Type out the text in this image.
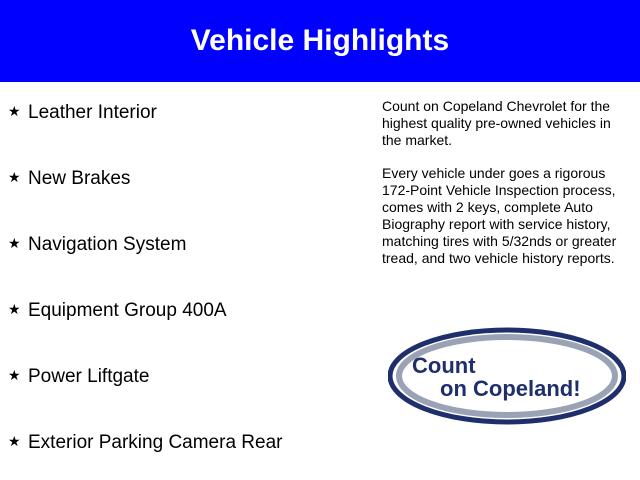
Vehicle Highlights
★ Leather Interior
★ New Brakes
★ Navigation System
★ Equipment Group 400A
★ Power Liftgate
★ Exterior Parking Camera Rear

Count on Copeland Chevrolet for the highest quality pre-owned vehicles in the market.

Every vehicle under goes a rigorous 172-Point Vehicle Inspection process, comes with 2 keys, complete Auto Biography report with service history, matching tires with 5/32nds or greater tread, and two vehicle history reports.

Count
on Copeland!
